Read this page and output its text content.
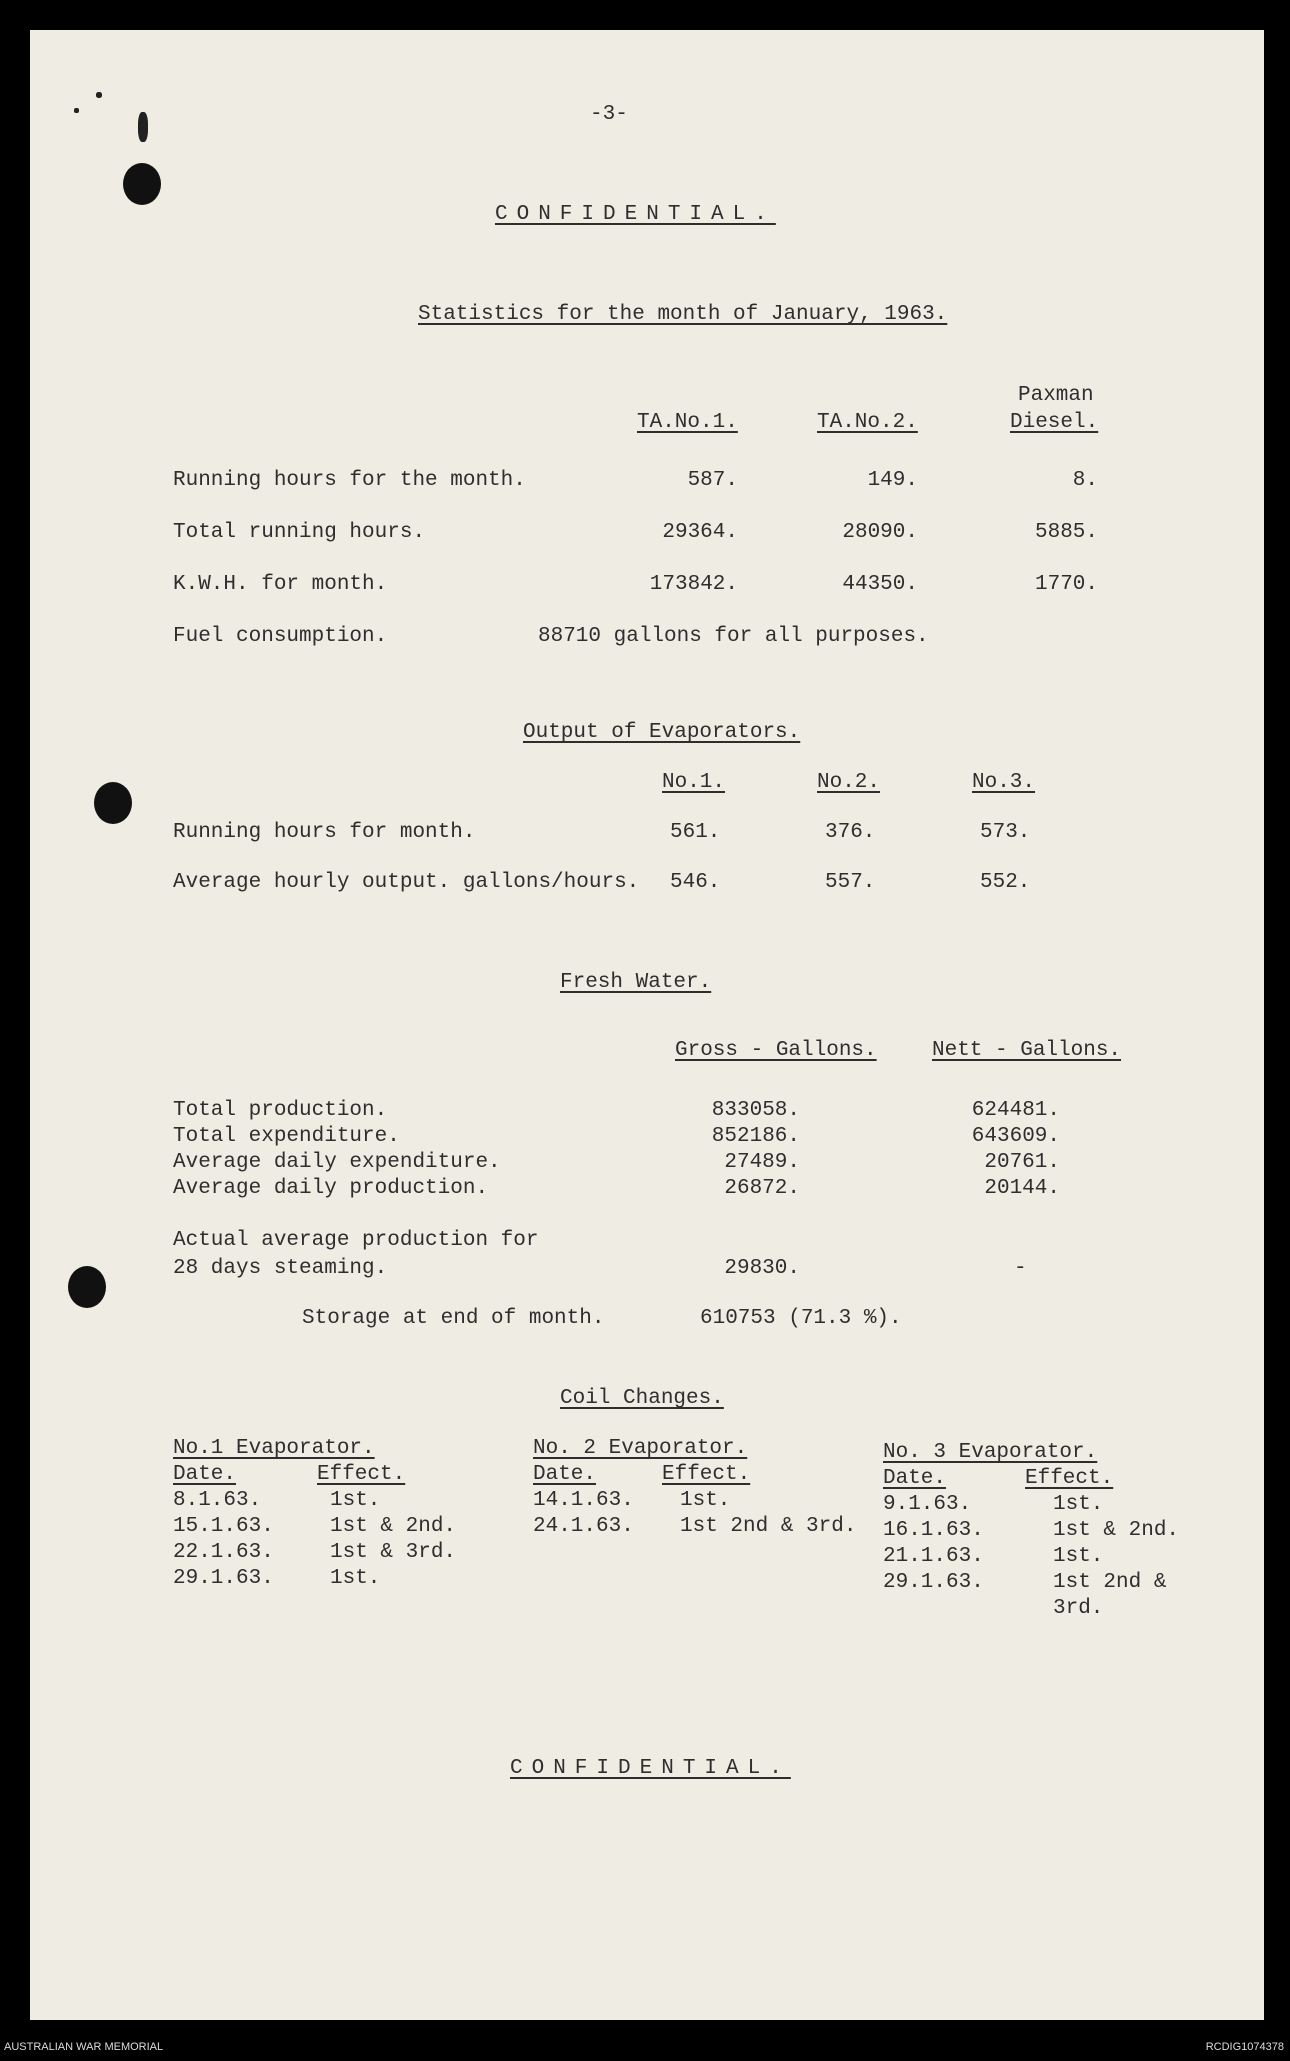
-3-
CONFIDENTIAL.
Statistics for the month of January, 1963.
Paxman
TA.No.1.	TA.No.2.	Diesel.
Running hours for the month.	587.	149.	8.
Total running hours.	29364.	28090.	5885.
K.W.H. for month.	173842.	44350.	1770.
Fuel consumption.	88710 gallons for all purposes.
Output of Evaporators.
No.1.	No.2.	No.3.
Running hours for month.	561.	376.	573.
Average hourly output. gallons/hours. 546.	557.	552.
Fresh Water.
Gross - Gallons.	Nett - Gallons.
Total production.	833058.	624481.
Total expenditure.	852186.	643609.
Average daily expenditure.	27489.	20761.
Average daily production.	26872.	20144.
Actual average production for
28 days steaming.	29830.	-
Storage at end of month.	610753 (71.3 %).
Coil Changes.
No.1 Evaporator.
Date.	Effect.
8.1.63.	1st.
15.1.63.	1st & 2nd.
22.1.63.	1st & 3rd.
29.1.63.	1st.
No. 2 Evaporator.
Date.	Effect.
14.1.63. 1st.
24.1.63. 1st 2nd & 3rd.
No. 3 Evaporator.
Date.	Effect.
9.1.63.	1st.
16.1.63.	1st & 2nd.
21.1.63.	1st.
29.1.63.	1st 2nd &
3rd.
CONFIDENTIAL.
AUSTRALIAN WAR MEMORIAL	RCDIG1074378
